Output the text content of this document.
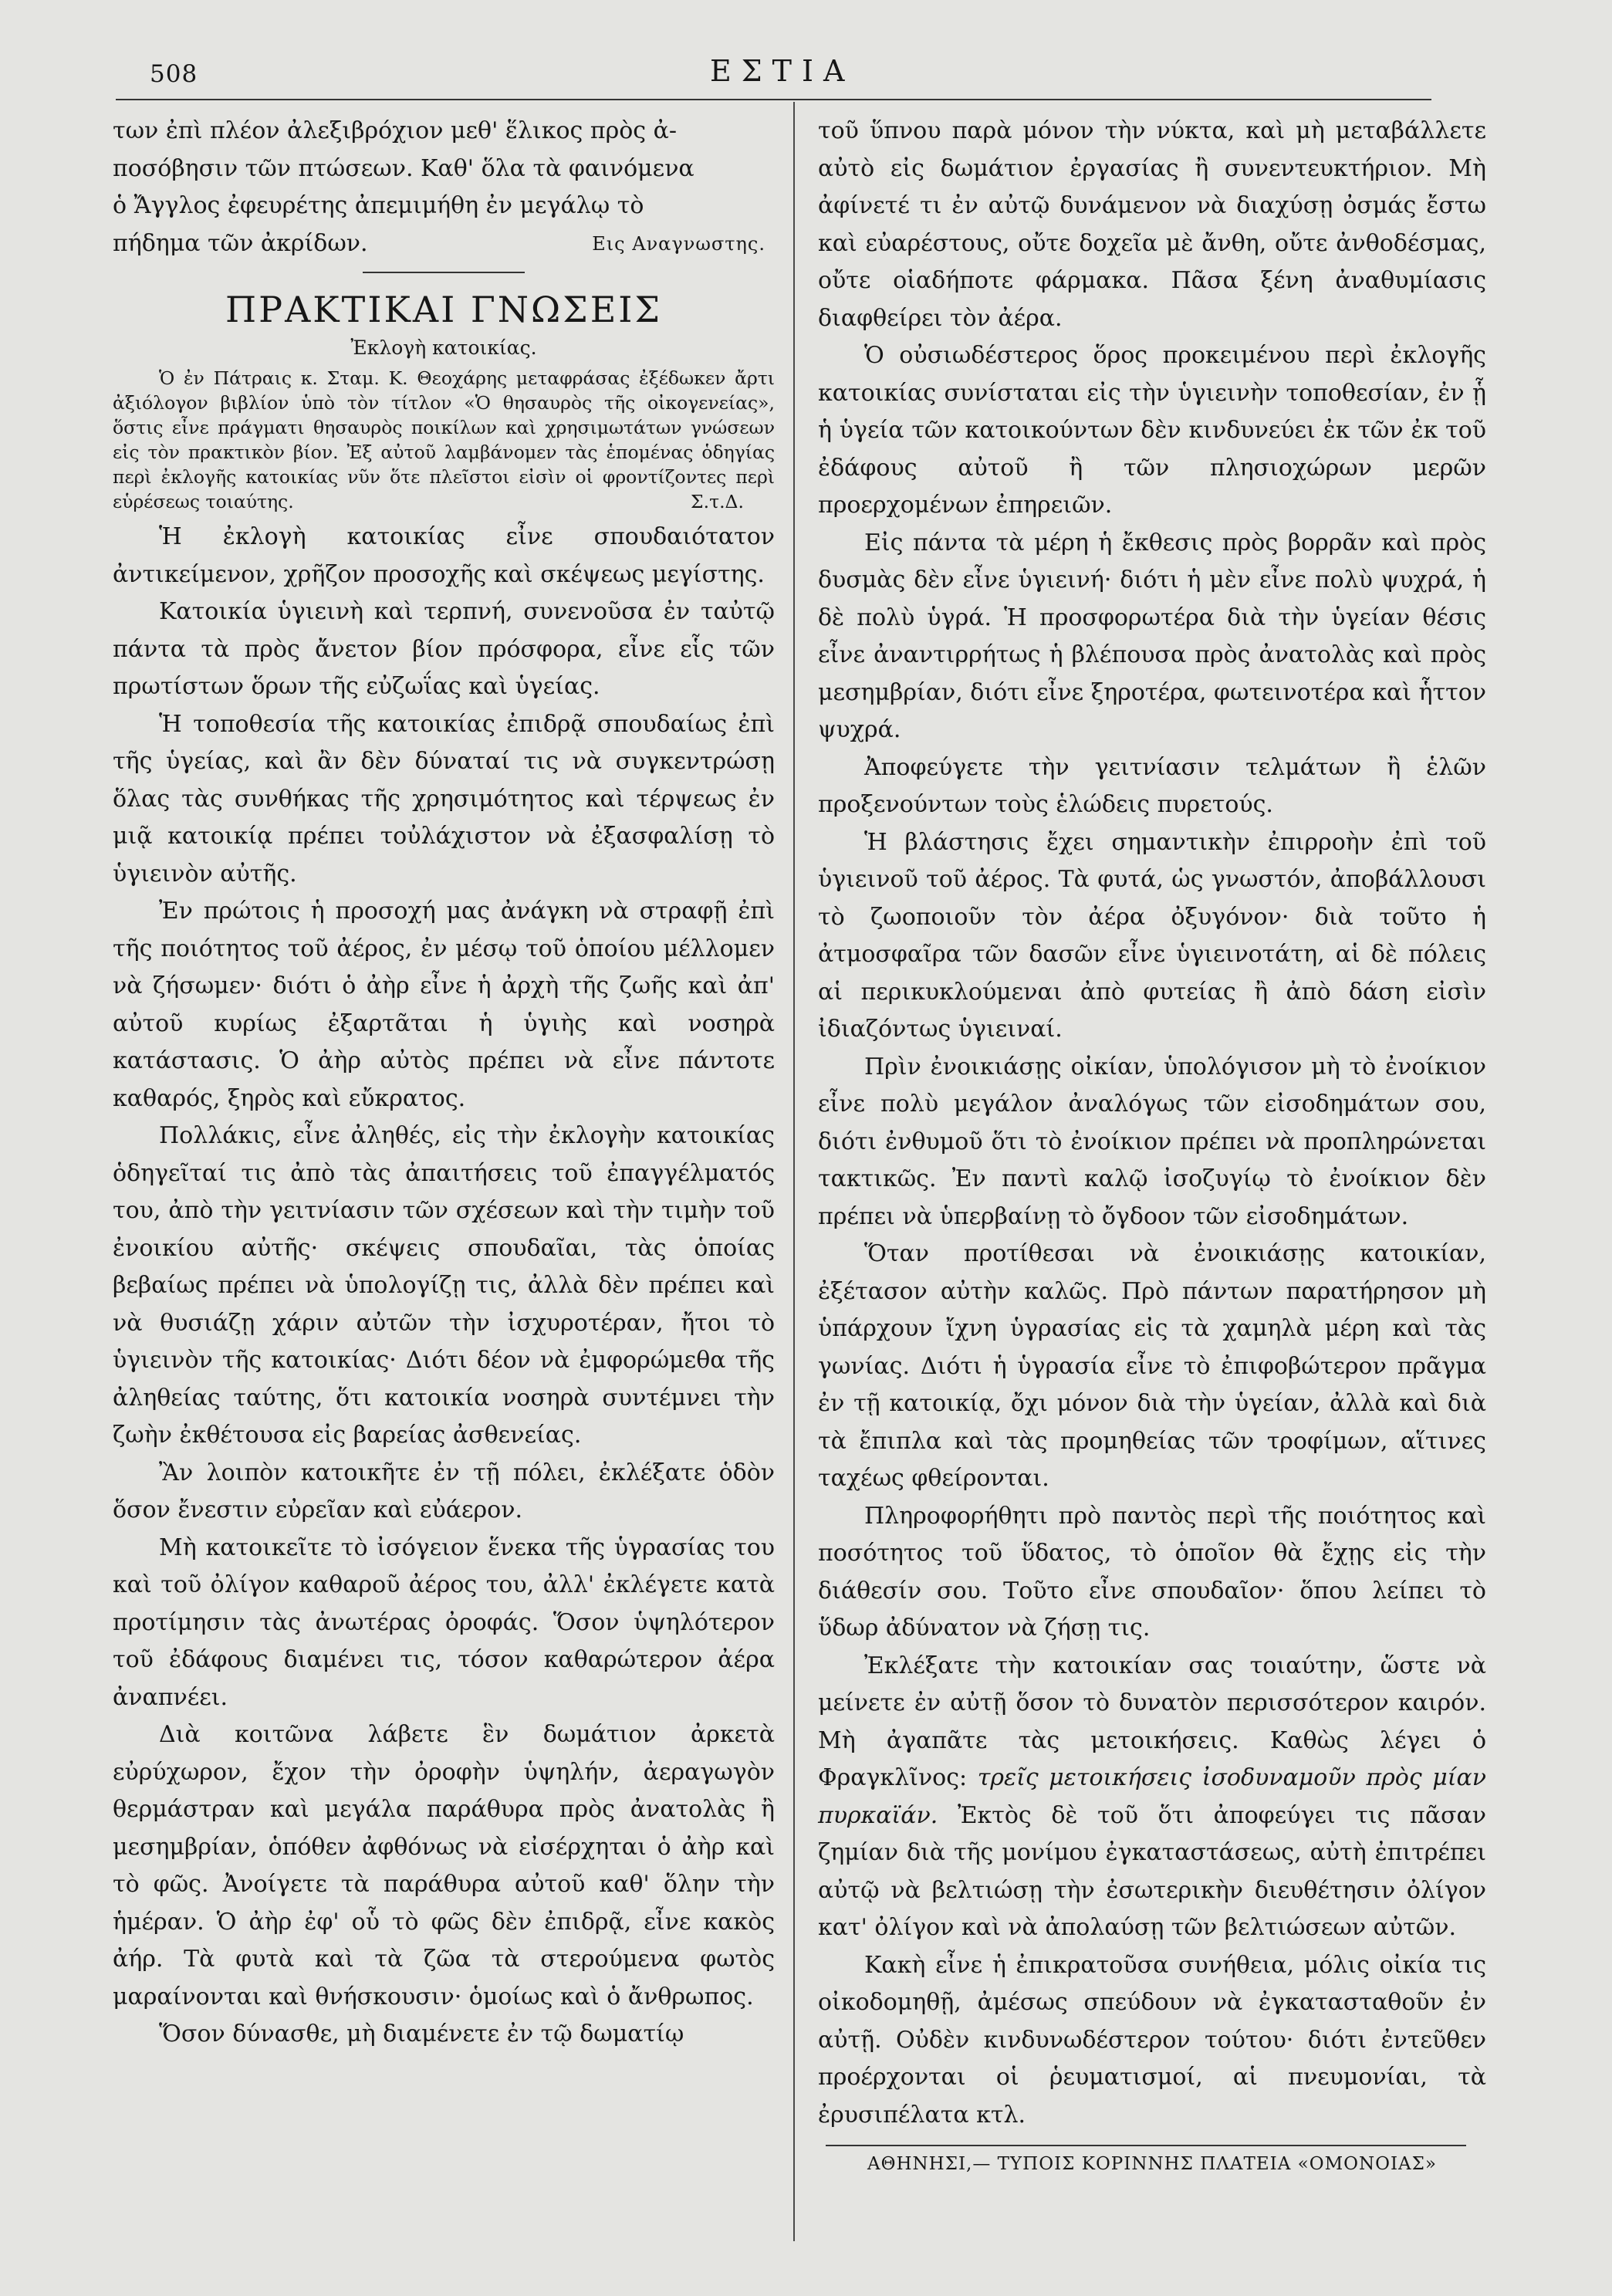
508	ΕΣΤΙΑ

των ἐπὶ πλέον ἀλεξιβρόχιον μεθ' ἕλικος πρὸς ἀ-

ποσόβησιν τῶν πτώσεων. Καθ' ὅλα τὰ φαινόμενα

ὁ Ἄγγλος ἐφευρέτης ἀπεμιμήθη ἐν μεγάλῳ τὸ

πήδημα τῶν ἀκρίδων.	Εις Αναγνωστης.

ΠΡΑΚΤΙΚΑΙ ΓΝΩΣΕΙΣ
Ἐκλογὴ κατοικίας.

Ὁ ἐν Πάτραις κ. Σταμ. Κ. Θεοχάρης μεταφράσας ἐξέδωκεν ἄρτι ἀξιόλογον βιβλίον ὑπὸ τὸν τίτλον «Ὁ θησαυρὸς τῆς οἰκογενείας», ὅστις εἶνε πράγματι θησαυρὸς ποικίλων καὶ χρησιμωτάτων γνώσεων εἰς τὸν πρακτικὸν βίον. Ἐξ αὐτοῦ λαμβάνομεν τὰς ἑπομένας ὁδηγίας περὶ ἐκλογῆς κατοικίας νῦν ὅτε πλεῖστοι εἰσὶν οἱ φροντίζοντες περὶ εὑρέσεως τοιαύτης.	Σ.τ.Δ.

Ἡ ἐκλογὴ κατοικίας εἶνε σπουδαιότατον ἀντικείμενον, χρῆζον προσοχῆς καὶ σκέψεως μεγίστης.

Κατοικία ὑγιεινὴ καὶ τερπνή, συνενοῦσα ἐν ταὐτῷ πάντα τὰ πρὸς ἄνετον βίον πρόσφορα, εἶνε εἷς τῶν πρωτίστων ὅρων τῆς εὐζωΐας καὶ ὑγείας.

Ἡ τοποθεσία τῆς κατοικίας ἐπιδρᾷ σπουδαίως ἐπὶ τῆς ὑγείας, καὶ ἂν δὲν δύναταί τις νὰ συγκεντρώσῃ ὅλας τὰς συνθήκας τῆς χρησιμότητος καὶ τέρψεως ἐν μιᾷ κατοικίᾳ πρέπει τοὐλάχιστον νὰ ἐξασφαλίσῃ τὸ ὑγιεινὸν αὐτῆς.

Ἐν πρώτοις ἡ προσοχή μας ἀνάγκη νὰ στραφῇ ἐπὶ τῆς ποιότητος τοῦ ἀέρος, ἐν μέσῳ τοῦ ὁποίου μέλλομεν νὰ ζήσωμεν· διότι ὁ ἀὴρ εἶνε ἡ ἀρχὴ τῆς ζωῆς καὶ ἀπ' αὐτοῦ κυρίως ἐξαρτᾶται ἡ ὑγιὴς καὶ νοσηρὰ κατάστασις. Ὁ ἀὴρ αὐτὸς πρέπει νὰ εἶνε πάντοτε καθαρός, ξηρὸς καὶ εὔκρατος.

Πολλάκις, εἶνε ἀληθές, εἰς τὴν ἐκλογὴν κατοικίας ὁδηγεῖταί τις ἀπὸ τὰς ἀπαιτήσεις τοῦ ἐπαγγέλματός του, ἀπὸ τὴν γειτνίασιν τῶν σχέσεων καὶ τὴν τιμὴν τοῦ ἐνοικίου αὐτῆς· σκέψεις σπουδαῖαι, τὰς ὁποίας βεβαίως πρέπει νὰ ὑπολογίζῃ τις, ἀλλὰ δὲν πρέπει καὶ νὰ θυσιάζῃ χάριν αὐτῶν τὴν ἰσχυροτέραν, ἤτοι τὸ ὑγιεινὸν τῆς κατοικίας· Διότι δέον νὰ ἐμφορώμεθα τῆς ἀληθείας ταύτης, ὅτι κατοικία νοσηρὰ συντέμνει τὴν ζωὴν ἐκθέτουσα εἰς βαρείας ἀσθενείας.

Ἂν λοιπὸν κατοικῆτε ἐν τῇ πόλει, ἐκλέξατε ὁδὸν ὅσον ἔνεστιν εὐρεῖαν καὶ εὐάερον.

Μὴ κατοικεῖτε τὸ ἰσόγειον ἕνεκα τῆς ὑγρασίας του καὶ τοῦ ὀλίγον καθαροῦ ἀέρος του, ἀλλ' ἐκλέγετε κατὰ προτίμησιν τὰς ἀνωτέρας ὀροφάς. Ὅσον ὑψηλότερον τοῦ ἐδάφους διαμένει τις, τόσον καθαρώτερον ἀέρα ἀναπνέει.

Διὰ κοιτῶνα λάβετε ἓν δωμάτιον ἀρκετὰ εὐρύχωρον, ἔχον τὴν ὀροφὴν ὑψηλήν, ἀεραγωγὸν θερμάστραν καὶ μεγάλα παράθυρα πρὸς ἀνατολὰς ἢ μεσημβρίαν, ὁπόθεν ἀφθόνως νὰ εἰσέρχηται ὁ ἀὴρ καὶ τὸ φῶς. Ἀνοίγετε τὰ παράθυρα αὐτοῦ καθ' ὅλην τὴν ἡμέραν. Ὁ ἀὴρ ἐφ' οὗ τὸ φῶς δὲν ἐπιδρᾷ, εἶνε κακὸς ἀήρ. Τὰ φυτὰ καὶ τὰ ζῶα τὰ στερούμενα φωτὸς μαραίνονται καὶ θνήσκουσιν· ὁμοίως καὶ ὁ ἄνθρωπος.

Ὅσον δύνασθε, μὴ διαμένετε ἐν τῷ δωματίῳ

τοῦ ὕπνου παρὰ μόνον τὴν νύκτα, καὶ μὴ μεταβάλλετε αὐτὸ εἰς δωμάτιον ἐργασίας ἢ συνεντευκτήριον. Μὴ ἀφίνετέ τι ἐν αὐτῷ δυνάμενον νὰ διαχύσῃ ὀσμάς ἔστω καὶ εὐαρέστους, οὔτε δοχεῖα μὲ ἄνθη, οὔτε ἀνθοδέσμας, οὔτε οἱαδήποτε φάρμακα. Πᾶσα ξένη ἀναθυμίασις διαφθείρει τὸν ἀέρα.

Ὁ οὐσιωδέστερος ὅρος προκειμένου περὶ ἐκλογῆς κατοικίας συνίσταται εἰς τὴν ὑγιεινὴν τοποθεσίαν, ἐν ᾗ ἡ ὑγεία τῶν κατοικούντων δὲν κινδυνεύει ἐκ τῶν ἐκ τοῦ ἐδάφους αὐτοῦ ἢ τῶν πλησιοχώρων μερῶν προερχομένων ἐπηρειῶν.

Εἰς πάντα τὰ μέρη ἡ ἔκθεσις πρὸς βορρᾶν καὶ πρὸς δυσμὰς δὲν εἶνε ὑγιεινή· διότι ἡ μὲν εἶνε πολὺ ψυχρά, ἡ δὲ πολὺ ὑγρά. Ἡ προσφορωτέρα διὰ τὴν ὑγείαν θέσις εἶνε ἀναντιρρήτως ἡ βλέπουσα πρὸς ἀνατολὰς καὶ πρὸς μεσημβρίαν, διότι εἶνε ξηροτέρα, φωτεινοτέρα καὶ ἧττον ψυχρά.

Ἀποφεύγετε τὴν γειτνίασιν τελμάτων ἢ ἑλῶν προξενούντων τοὺς ἑλώδεις πυρετούς.

Ἡ βλάστησις ἔχει σημαντικὴν ἐπιρροὴν ἐπὶ τοῦ ὑγιεινοῦ τοῦ ἀέρος. Τὰ φυτά, ὡς γνωστόν, ἀποβάλλουσι τὸ ζωοποιοῦν τὸν ἀέρα ὀξυγόνον· διὰ τοῦτο ἡ ἀτμοσφαῖρα τῶν δασῶν εἶνε ὑγιεινοτάτη, αἱ δὲ πόλεις αἱ περικυκλούμεναι ἀπὸ φυτείας ἢ ἀπὸ δάση εἰσὶν ἰδιαζόντως ὑγιειναί.

Πρὶν ἐνοικιάσῃς οἰκίαν, ὑπολόγισον μὴ τὸ ἐνοίκιον εἶνε πολὺ μεγάλον ἀναλόγως τῶν εἰσοδημάτων σου, διότι ἐνθυμοῦ ὅτι τὸ ἐνοίκιον πρέπει νὰ προπληρώνεται τακτικῶς. Ἐν παντὶ καλῷ ἰσοζυγίῳ τὸ ἐνοίκιον δὲν πρέπει νὰ ὑπερβαίνῃ τὸ ὄγδοον τῶν εἰσοδημάτων.

Ὅταν προτίθεσαι νὰ ἐνοικιάσῃς κατοικίαν, ἐξέτασον αὐτὴν καλῶς. Πρὸ πάντων παρατήρησον μὴ ὑπάρχουν ἴχνη ὑγρασίας εἰς τὰ χαμηλὰ μέρη καὶ τὰς γωνίας. Διότι ἡ ὑγρασία εἶνε τὸ ἐπιφοβώτερον πρᾶγμα ἐν τῇ κατοικίᾳ, ὄχι μόνον διὰ τὴν ὑγείαν, ἀλλὰ καὶ διὰ τὰ ἔπιπλα καὶ τὰς προμηθείας τῶν τροφίμων, αἵτινες ταχέως φθείρονται.

Πληροφορήθητι πρὸ παντὸς περὶ τῆς ποιότητος καὶ ποσότητος τοῦ ὕδατος, τὸ ὁποῖον θὰ ἔχῃς εἰς τὴν διάθεσίν σου. Τοῦτο εἶνε σπουδαῖον· ὅπου λείπει τὸ ὕδωρ ἀδύνατον νὰ ζήσῃ τις.

Ἐκλέξατε τὴν κατοικίαν σας τοιαύτην, ὥστε νὰ μείνετε ἐν αὐτῇ ὅσον τὸ δυνατὸν περισσότερον καιρόν. Μὴ ἀγαπᾶτε τὰς μετοικήσεις. Καθὼς λέγει ὁ Φραγκλῖνος: τρεῖς μετοικήσεις ἰσοδυναμοῦν πρὸς μίαν πυρκαϊάν. Ἐκτὸς δὲ τοῦ ὅτι ἀποφεύγει τις πᾶσαν ζημίαν διὰ τῆς μονίμου ἐγκαταστάσεως, αὐτὴ ἐπιτρέπει αὐτῷ νὰ βελτιώσῃ τὴν ἐσωτερικὴν διευθέτησιν ὀλίγον κατ' ὀλίγον καὶ νὰ ἀπολαύσῃ τῶν βελτιώσεων αὐτῶν.

Κακὴ εἶνε ἡ ἐπικρατοῦσα συνήθεια, μόλις οἰκία τις οἰκοδομηθῇ, ἀμέσως σπεύδουν νὰ ἐγκατασταθοῦν ἐν αὐτῇ. Οὐδὲν κινδυνωδέστερον τούτου· διότι ἐντεῦθεν προέρχονται οἱ ῥευματισμοί, αἱ πνευμονίαι, τὰ ἐρυσιπέλατα κτλ.

ΑΘΗΝΗΣΙ,— ΤΥΠΟΙΣ ΚΟΡΙΝΝΗΣ ΠΛΑΤΕΙΑ «ΟΜΟΝΟΙΑΣ»
